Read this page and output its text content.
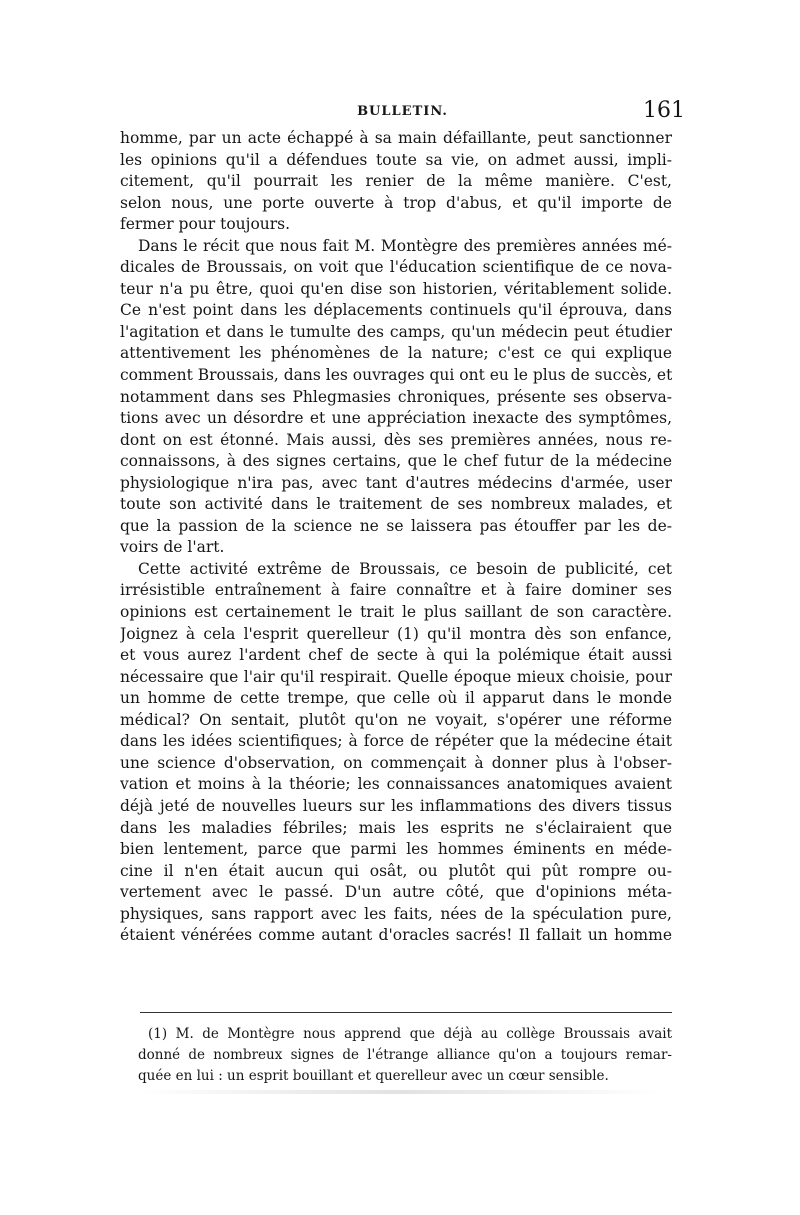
BULLETIN.	161
homme, par un acte échappé à sa main défaillante, peut sanctionner
les opinions qu'il a défendues toute sa vie, on admet aussi, impli-
citement, qu'il pourrait les renier de la même manière. C'est,
selon nous, une porte ouverte à trop d'abus, et qu'il importe de
fermer pour toujours.
Dans le récit que nous fait M. Montègre des premières années mé-
dicales de Broussais, on voit que l'éducation scientifique de ce nova-
teur n'a pu être, quoi qu'en dise son historien, véritablement solide.
Ce n'est point dans les déplacements continuels qu'il éprouva, dans
l'agitation et dans le tumulte des camps, qu'un médecin peut étudier
attentivement les phénomènes de la nature; c'est ce qui explique
comment Broussais, dans les ouvrages qui ont eu le plus de succès, et
notamment dans ses Phlegmasies chroniques, présente ses observa-
tions avec un désordre et une appréciation inexacte des symptômes,
dont on est étonné. Mais aussi, dès ses premières années, nous re-
connaissons, à des signes certains, que le chef futur de la médecine
physiologique n'ira pas, avec tant d'autres médecins d'armée, user
toute son activité dans le traitement de ses nombreux malades, et
que la passion de la science ne se laissera pas étouffer par les de-
voirs de l'art.
Cette activité extrême de Broussais, ce besoin de publicité, cet
irrésistible entraînement à faire connaître et à faire dominer ses
opinions est certainement le trait le plus saillant de son caractère.
Joignez à cela l'esprit querelleur (1) qu'il montra dès son enfance,
et vous aurez l'ardent chef de secte à qui la polémique était aussi
nécessaire que l'air qu'il respirait. Quelle époque mieux choisie, pour
un homme de cette trempe, que celle où il apparut dans le monde
médical? On sentait, plutôt qu'on ne voyait, s'opérer une réforme
dans les idées scientifiques; à force de répéter que la médecine était
une science d'observation, on commençait à donner plus à l'obser-
vation et moins à la théorie; les connaissances anatomiques avaient
déjà jeté de nouvelles lueurs sur les inflammations des divers tissus
dans les maladies fébriles; mais les esprits ne s'éclairaient que
bien lentement, parce que parmi les hommes éminents en méde-
cine il n'en était aucun qui osât, ou plutôt qui pût rompre ou-
vertement avec le passé. D'un autre côté, que d'opinions méta-
physiques, sans rapport avec les faits, nées de la spéculation pure,
étaient vénérées comme autant d'oracles sacrés! Il fallait un homme
(1) M. de Montègre nous apprend que déjà au collège Broussais avait
donné de nombreux signes de l'étrange alliance qu'on a toujours remar-
quée en lui : un esprit bouillant et querelleur avec un cœur sensible.
